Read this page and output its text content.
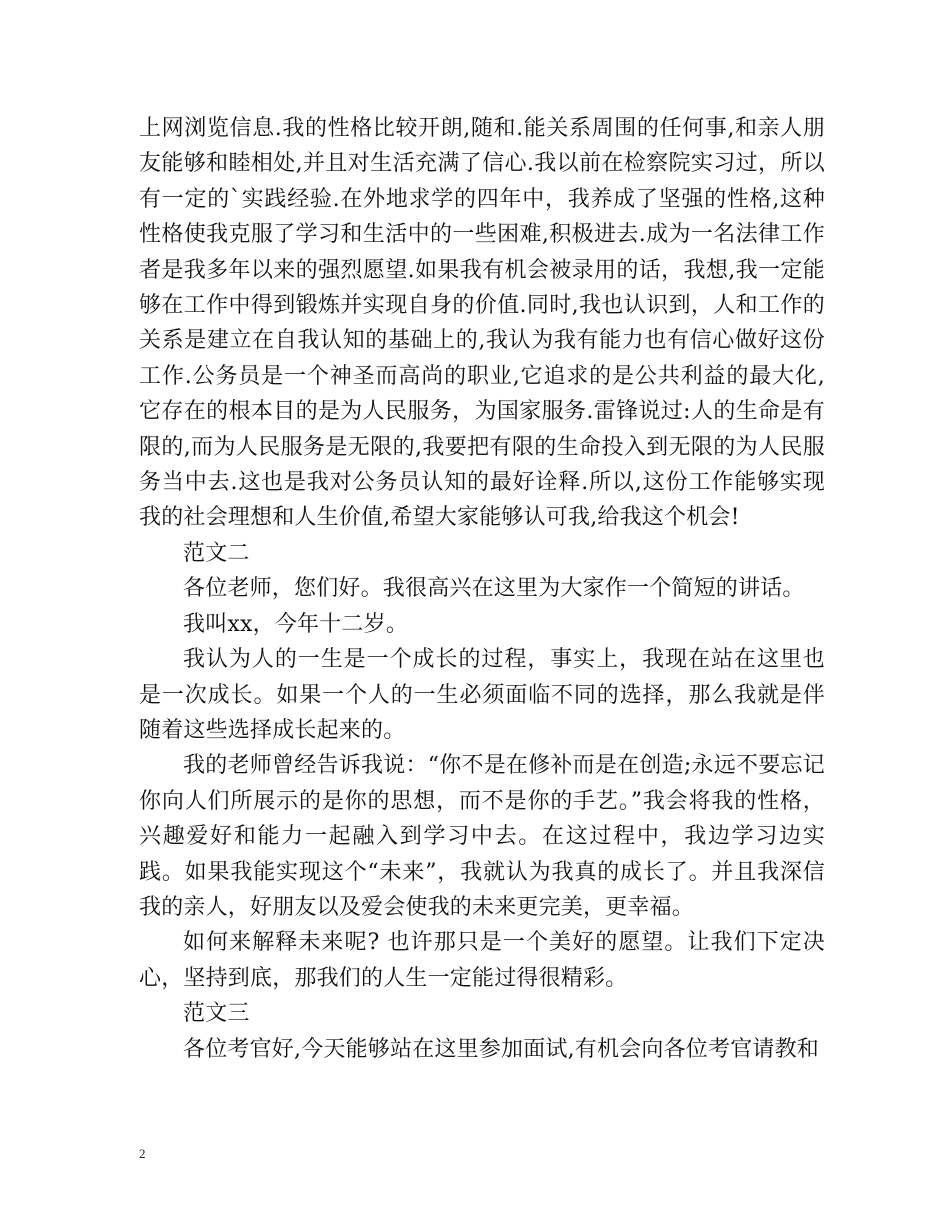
上网浏览信息.我的性格比较开朗,随和.能关系周围的任何事,和亲人朋友能够和睦相处,并且对生活充满了信心.我以前在检察院实习过，所以有一定的`实践经验.在外地求学的四年中，我养成了坚强的性格,这种性格使我克服了学习和生活中的一些困难,积极进去.成为一名法律工作者是我多年以来的强烈愿望.如果我有机会被录用的话，我想,我一定能够在工作中得到锻炼并实现自身的价值.同时,我也认识到，人和工作的关系是建立在自我认知的基础上的,我认为我有能力也有信心做好这份工作.公务员是一个神圣而高尚的职业,它追求的是公共利益的最大化,它存在的根本目的是为人民服务，为国家服务.雷锋说过:人的生命是有限的,而为人民服务是无限的,我要把有限的生命投入到无限的为人民服务当中去.这也是我对公务员认知的最好诠释.所以,这份工作能够实现我的社会理想和人生价值,希望大家能够认可我,给我这个机会!

范文二

各位老师，您们好。我很高兴在这里为大家作一个简短的讲话。

我叫xx，今年十二岁。

我认为人的一生是一个成长的过程，事实上，我现在站在这里也是一次成长。如果一个人的一生必须面临不同的选择，那么我就是伴随着这些选择成长起来的。

我的老师曾经告诉我说：“你不是在修补而是在创造;永远不要忘记你向人们所展示的是你的思想，而不是你的手艺。”我会将我的性格，兴趣爱好和能力一起融入到学习中去。在这过程中，我边学习边实践。如果我能实现这个“未来”，我就认为我真的成长了。并且我深信我的亲人，好朋友以及爱会使我的未来更完美，更幸福。

如何来解释未来呢? 也许那只是一个美好的愿望。让我们下定决心，坚持到底，那我们的人生一定能过得很精彩。

范文三

各位考官好,今天能够站在这里参加面试,有机会向各位考官请教和

2
